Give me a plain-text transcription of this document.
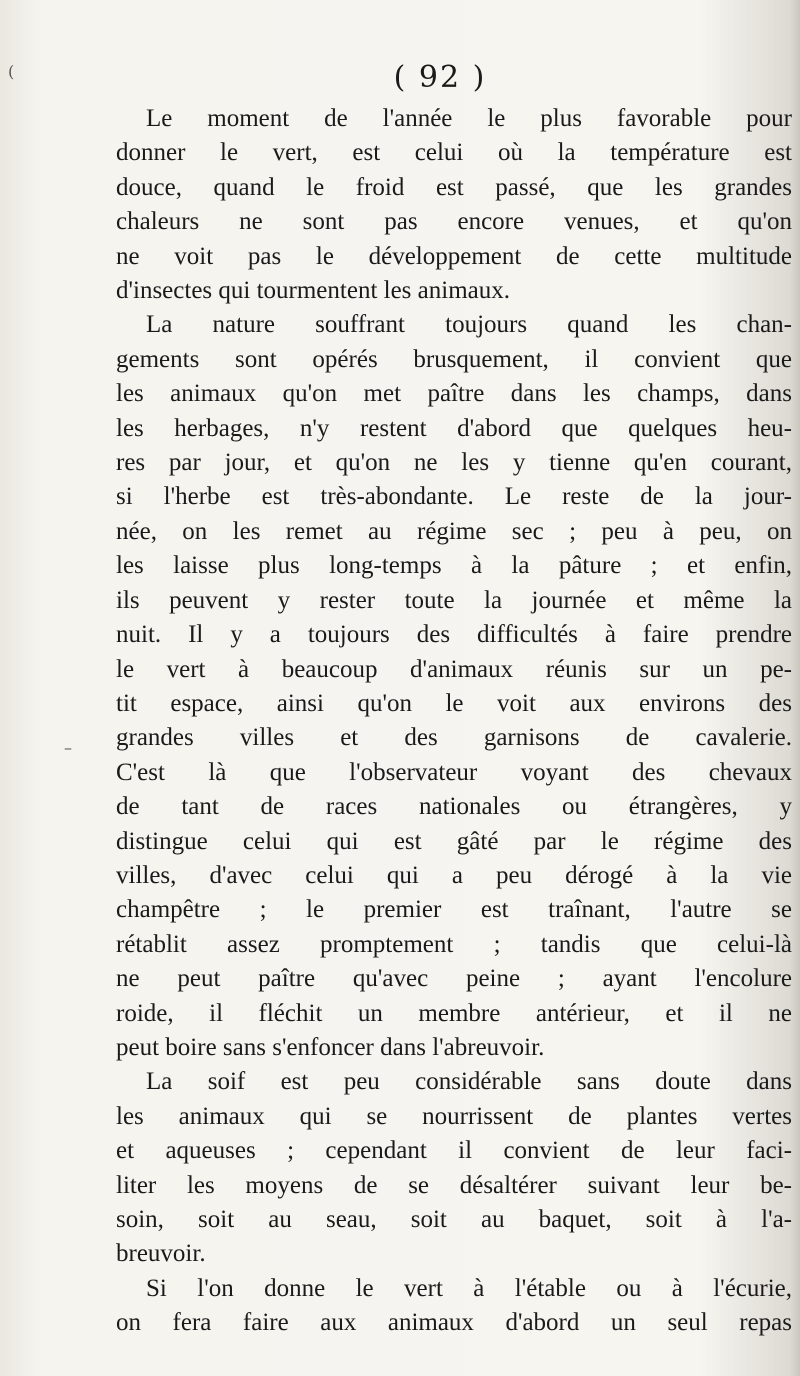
(
–
( 92 )
Le moment de l'année le plus favorable pour
donner le vert, est celui où la température est
douce, quand le froid est passé, que les grandes
chaleurs ne sont pas encore venues, et qu'on
ne voit pas le développement de cette multitude
d'insectes qui tourmentent les animaux.
La nature souffrant toujours quand les chan-
gements sont opérés brusquement, il convient que
les animaux qu'on met paître dans les champs, dans
les herbages, n'y restent d'abord que quelques heu-
res par jour, et qu'on ne les y tienne qu'en courant,
si l'herbe est très-abondante. Le reste de la jour-
née, on les remet au régime sec ; peu à peu, on
les laisse plus long-temps à la pâture ; et enfin,
ils peuvent y rester toute la journée et même la
nuit. Il y a toujours des difficultés à faire prendre
le vert à beaucoup d'animaux réunis sur un pe-
tit espace, ainsi qu'on le voit aux environs des
grandes villes et des garnisons de cavalerie.
C'est là que l'observateur voyant des chevaux
de tant de races nationales ou étrangères, y
distingue celui qui est gâté par le régime des
villes, d'avec celui qui a peu dérogé à la vie
champêtre ; le premier est traînant, l'autre se
rétablit assez promptement ; tandis que celui-là
ne peut paître qu'avec peine ; ayant l'encolure
roide, il fléchit un membre antérieur, et il ne
peut boire sans s'enfoncer dans l'abreuvoir.
La soif est peu considérable sans doute dans
les animaux qui se nourrissent de plantes vertes
et aqueuses ; cependant il convient de leur faci-
liter les moyens de se désaltérer suivant leur be-
soin, soit au seau, soit au baquet, soit à l'a-
breuvoir.
Si l'on donne le vert à l'étable ou à l'écurie,
on fera faire aux animaux d'abord un seul repas
